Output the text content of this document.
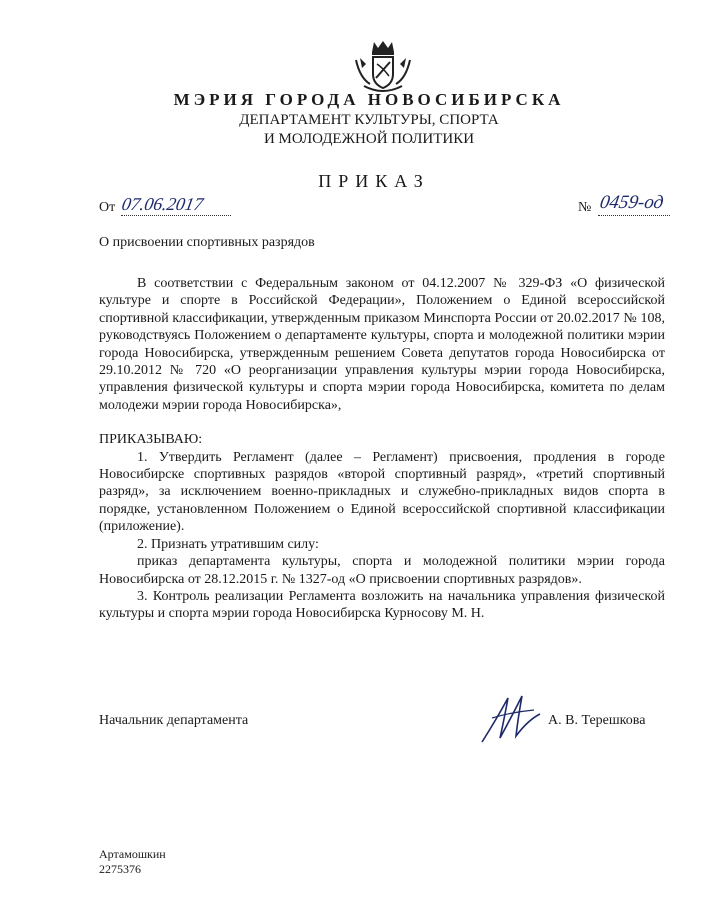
МЭРИЯ ГОРОДА НОВОСИБИРСКА
ДЕПАРТАМЕНТ КУЛЬТУРЫ, СПОРТА
И МОЛОДЕЖНОЙ ПОЛИТИКИ
ПРИКАЗ
От 07.06.2017	№ 0459-од
О присвоении спортивных разрядов

В соответствии с Федеральным законом от 04.12.2007 № 329-ФЗ «О физической культуре и спорте в Российской Федерации», Положением о Единой всероссийской спортивной классификации, утвержденным приказом Минспорта России от 20.02.2017 № 108, руководствуясь Положением о департаменте культуры, спорта и молодежной политики мэрии города Новосибирска, утвержденным решением Совета депутатов города Новосибирска от 29.10.2012 № 720 «О реорганизации управления культуры мэрии города Новосибирска, управления физической культуры и спорта мэрии города Новосибирска, комитета по делам молодежи мэрии города Новосибирска»,

ПРИКАЗЫВАЮ:

1. Утвердить Регламент (далее – Регламент) присвоения, продления в городе Новосибирске спортивных разрядов «второй спортивный разряд», «третий спортивный разряд», за исключением военно-прикладных и служебно-прикладных видов спорта в порядке, установленном Положением о Единой всероссийской спортивной классификации (приложение).

2. Признать утратившим силу:

приказ департамента культуры, спорта и молодежной политики мэрии города Новосибирска от 28.12.2015 г. № 1327-од «О присвоении спортивных разрядов».

3. Контроль реализации Регламента возложить на начальника управления физической культуры и спорта мэрии города Новосибирска Курносову М. Н.

Начальник департамента	А. В. Терешкова
Артамошкин
2275376
